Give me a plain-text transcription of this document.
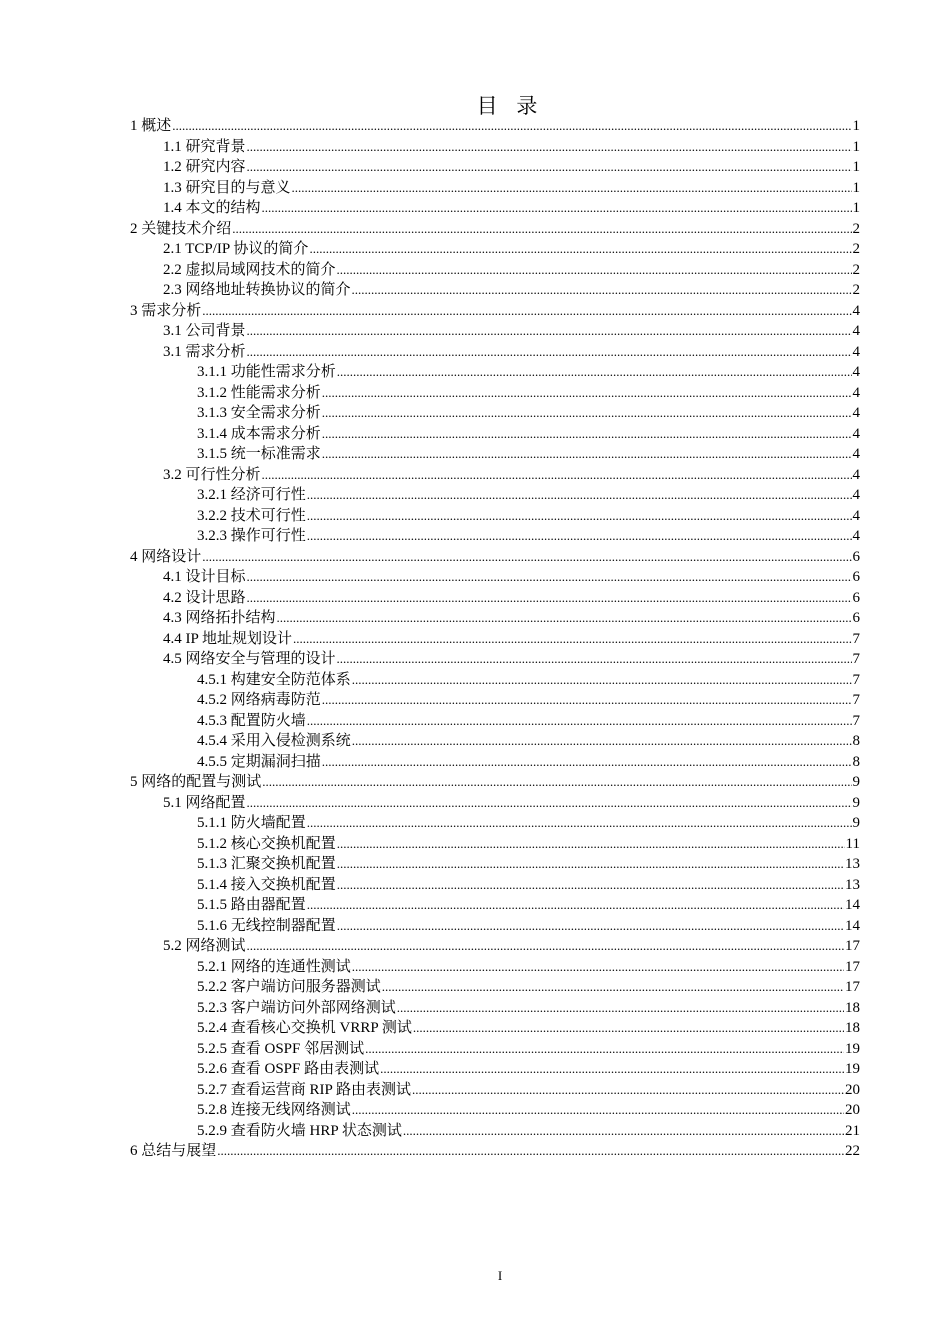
目 录
1 概述 .....	1
1.1 研究背景 .....	1
1.2 研究内容 .....	1
1.3 研究目的与意义 .....	1
1.4 本文的结构 .....	1
2 关键技术介绍 .....	2
2.1 TCP/IP 协议的简介 .....	2
2.2 虚拟局域网技术的简介 .....	2
2.3 网络地址转换协议的简介 .....	2
3 需求分析 .....	4
3.1 公司背景 .....	4
3.1 需求分析 .....	4
3.1.1 功能性需求分析 .....	4
3.1.2 性能需求分析 .....	4
3.1.3 安全需求分析 .....	4
3.1.4 成本需求分析 .....	4
3.1.5 统一标准需求 .....	4
3.2 可行性分析 .....	4
3.2.1 经济可行性 .....	4
3.2.2 技术可行性 .....	4
3.2.3 操作可行性 .....	4
4 网络设计 .....	6
4.1 设计目标 .....	6
4.2 设计思路 .....	6
4.3 网络拓扑结构 .....	6
4.4 IP 地址规划设计 .....	7
4.5 网络安全与管理的设计 .....	7
4.5.1 构建安全防范体系 .....	7
4.5.2 网络病毒防范 .....	7
4.5.3 配置防火墙 .....	7
4.5.4 采用入侵检测系统 .....	8
4.5.5 定期漏洞扫描 .....	8
5 网络的配置与测试 .....	9
5.1 网络配置 .....	9
5.1.1 防火墙配置 .....	9
5.1.2 核心交换机配置 .....	11
5.1.3 汇聚交换机配置 .....	13
5.1.4 接入交换机配置 .....	13
5.1.5 路由器配置 .....	14
5.1.6 无线控制器配置 .....	14
5.2 网络测试 .....	17
5.2.1 网络的连通性测试 .....	17
5.2.2 客户端访问服务器测试 .....	17
5.2.3 客户端访问外部网络测试 .....	18
5.2.4 查看核心交换机 VRRP 测试 .....	18
5.2.5 查看 OSPF 邻居测试 .....	19
5.2.6 查看 OSPF 路由表测试 .....	19
5.2.7 查看运营商 RIP 路由表测试 .....	20
5.2.8 连接无线网络测试 .....	20
5.2.9 查看防火墙 HRP 状态测试 .....	21
6 总结与展望 .....	22
I
